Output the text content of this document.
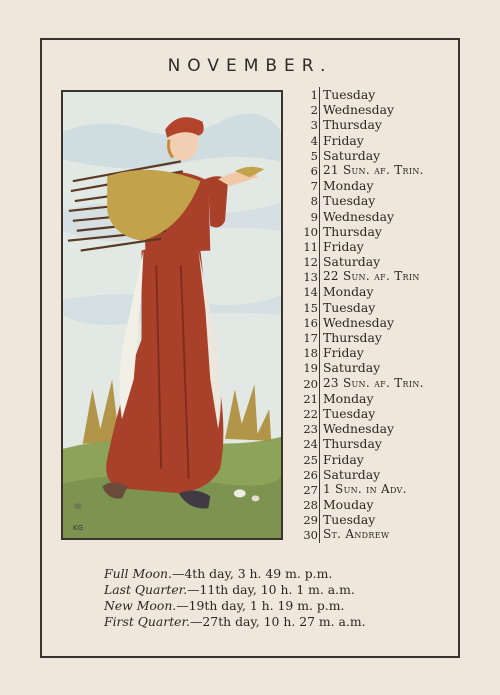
NOVEMBER.
KG
1 Tuesday
2 Wednesday
3 Thursday
4 Friday
5 Saturday
6 21 Sun. af. Trin.
7 Monday
8 Tuesday
9 Wednesday
10 Thursday
11 Friday
12 Saturday
13 22 Sun. af. Trin
14 Monday
15 Tuesday
16 Wednesday
17 Thursday
18 Friday
19 Saturday
20 23 Sun. af. Trin.
21 Monday
22 Tuesday
23 Wednesday
24 Thursday
25 Friday
26 Saturday
27 1 Sun. in Adv.
28 Mouday
29 Tuesday
30 St. Andrew
Full Moon.—4th day, 3 h. 49 m. p.m.
Last Quarter.—11th day, 10 h. 1 m. a.m.
New Moon.—19th day, 1 h. 19 m. p.m.
First Quarter.—27th day, 10 h. 27 m. a.m.
